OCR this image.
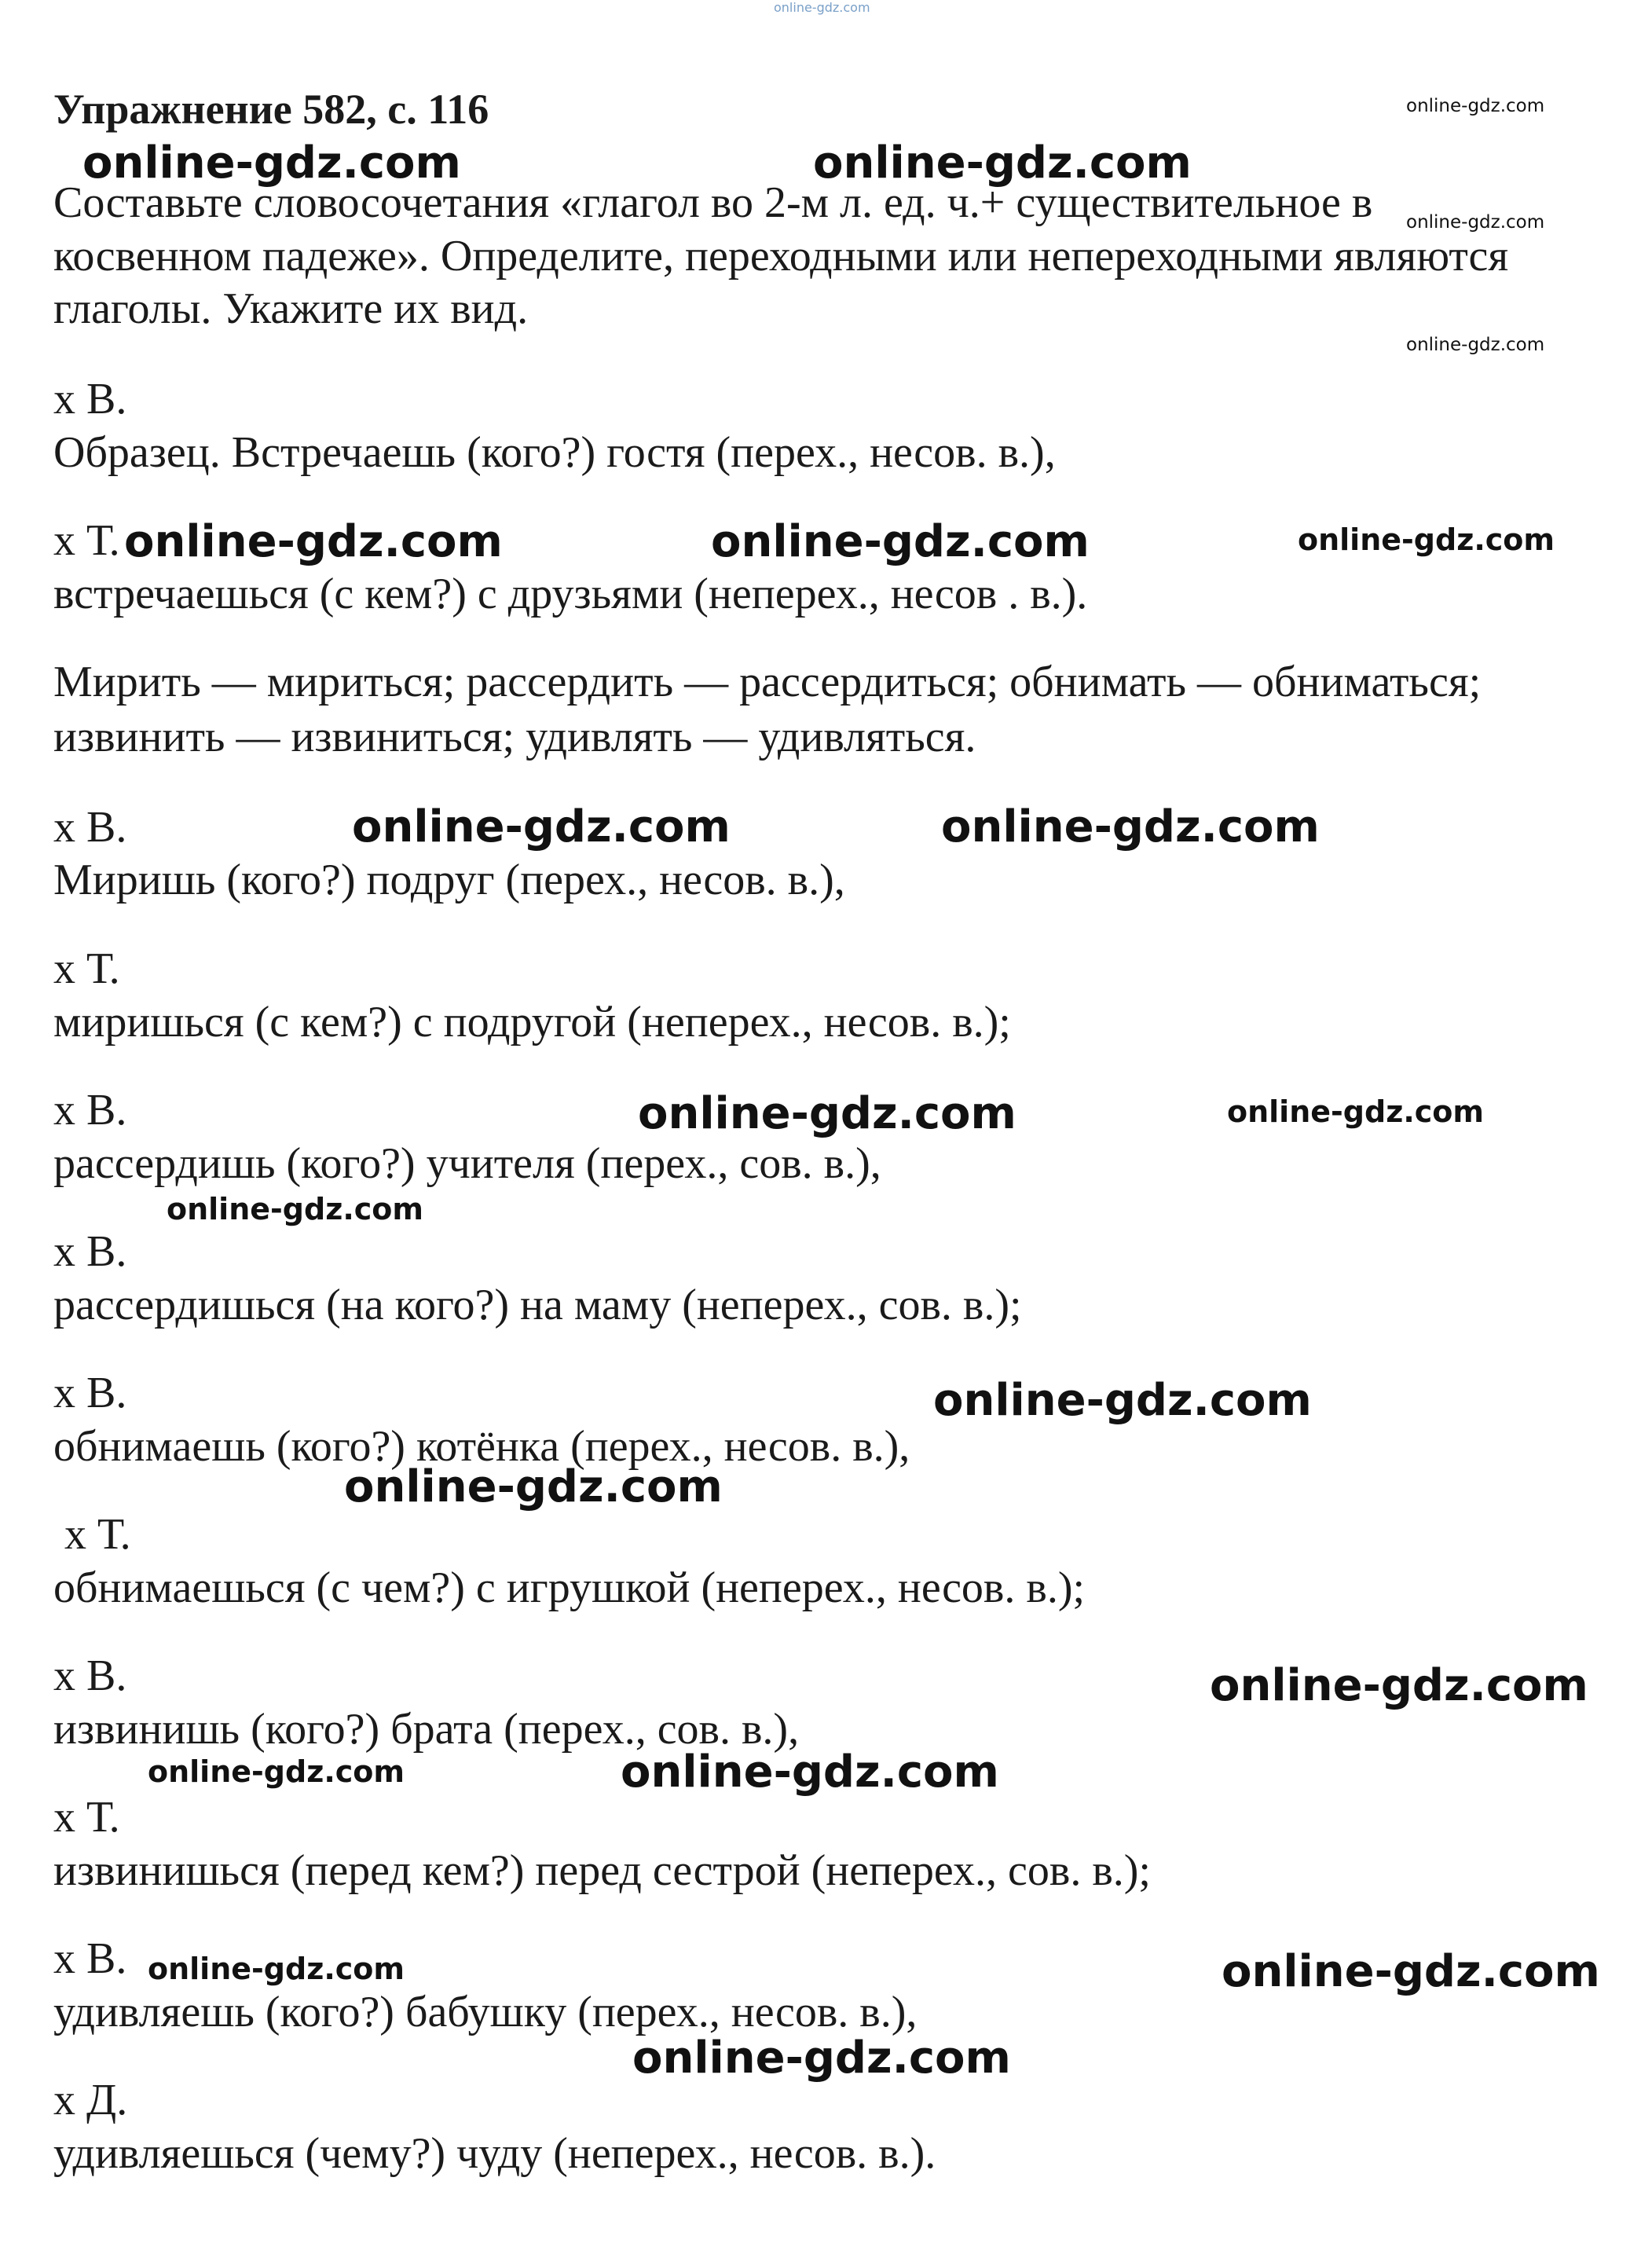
online-gdz.com
Упражнение 582, с. 116
Составьте словосочетания «глагол во 2-м л. ед. ч.+ существительное в
косвенном падеже». Определите, переходными или непереходными являются
глаголы. Укажите их вид.
х В.
Образец. Встречаешь (кого?) гостя (перех., несов. в.),
х Т.
встречаешься (с кем?) с друзьями (неперех., несов . в.).
Мирить — мириться; рассердить — рассердиться; обнимать — обниматься;
извинить — извиниться; удивлять — удивляться.
х В.
Миришь (кого?) подруг (перех., несов. в.),
х Т.
миришься (с кем?) с подругой (неперех., несов. в.);
х В.
рассердишь (кого?) учителя (перех., сов. в.),
х В.
рассердишься (на кого?) на маму (неперех., сов. в.);
х В.
обнимаешь (кого?) котёнка (перех., несов. в.),
х Т.
обнимаешься (с чем?) с игрушкой (неперех., несов. в.);
х В.
извинишь (кого?) брата (перех., сов. в.),
х Т.
извинишься (перед кем?) перед сестрой (неперех., сов. в.);
х В.
удивляешь (кого?) бабушку (перех., несов. в.),
х Д.
удивляешься (чему?) чуду (неперех., несов. в.).
online-gdz.com
online-gdz.com	online-gdz.com
online-gdz.com
online-gdz.com
online-gdz.com	online-gdz.com	online-gdz.com
online-gdz.com	online-gdz.com
online-gdz.com	online-gdz.com
online-gdz.com
online-gdz.com
online-gdz.com
online-gdz.com
online-gdz.com	online-gdz.com
online-gdz.com	online-gdz.com
online-gdz.com
